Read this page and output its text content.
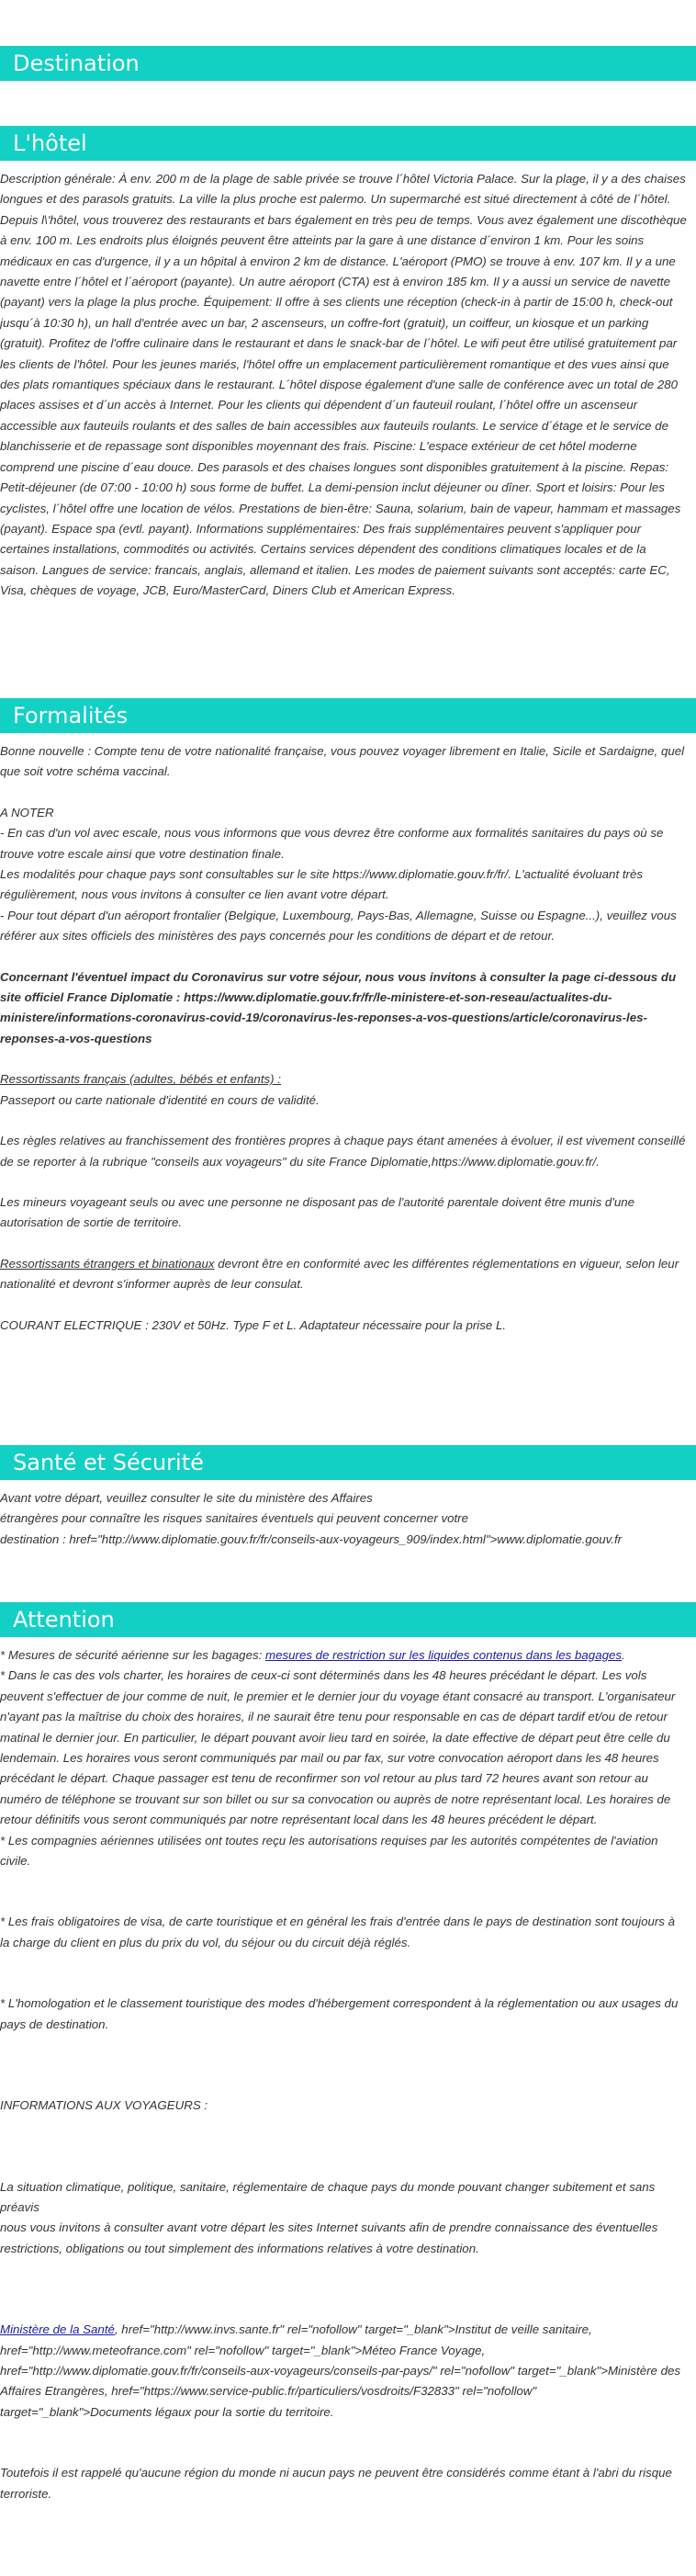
Destination
L'hôtel

Description générale: À env. 200 m de la plage de sable privée se trouve l´hôtel Victoria Palace. Sur la plage, il y a des chaises longues et des parasols gratuits. La ville la plus proche est palermo. Un supermarché est situé directement à côté de l´hôtel. Depuis l\'hôtel, vous trouverez des restaurants et bars également en très peu de temps. Vous avez également une discothèque à env. 100 m. Les endroits plus éloignés peuvent être atteints par la gare à une distance d´environ 1 km. Pour les soins médicaux en cas d'urgence, il y a un hôpital à environ 2 km de distance. L'aéroport (PMO) se trouve à env. 107 km. Il y a une navette entre l´hôtel et l´aéroport (payante). Un autre aéroport (CTA) est à environ 185 km. Il y a aussi un service de navette (payant) vers la plage la plus proche. Équipement: Il offre à ses clients une réception (check-in à partir de 15:00 h, check-out jusqu´à 10:30 h), un hall d'entrée avec un bar, 2 ascenseurs, un coffre-fort (gratuit), un coiffeur, un kiosque et un parking (gratuit). Profitez de l'offre culinaire dans le restaurant et dans le snack-bar de l´hôtel. Le wifi peut être utilisé gratuitement par les clients de l'hôtel. Pour les jeunes mariés, l'hôtel offre un emplacement particulièrement romantique et des vues ainsi que des plats romantiques spéciaux dans le restaurant. L´hôtel dispose également d'une salle de conférence avec un total de 280 places assises et d´un accès à Internet. Pour les clients qui dépendent d´un fauteuil roulant, l´hôtel offre un ascenseur accessible aux fauteuils roulants et des salles de bain accessibles aux fauteuils roulants. Le service d´étage et le service de blanchisserie et de repassage sont disponibles moyennant des frais. Piscine: L'espace extérieur de cet hôtel moderne comprend une piscine d´eau douce. Des parasols et des chaises longues sont disponibles gratuitement à la piscine. Repas: Petit-déjeuner (de 07:00 - 10:00 h) sous forme de buffet. La demi-pension inclut déjeuner ou dîner. Sport et loisirs: Pour les cyclistes, l´hôtel offre une location de vélos. Prestations de bien-être: Sauna, solarium, bain de vapeur, hammam et massages (payant). Espace spa (evtl. payant). Informations supplémentaires: Des frais supplémentaires peuvent s'appliquer pour certaines installations, commodités ou activités. Certains services dépendent des conditions climatiques locales et de la saison. Langues de service: francais, anglais, allemand et italien. Les modes de paiement suivants sont acceptés: carte EC, Visa, chèques de voyage, JCB, Euro/MasterCard, Diners Club et American Express.

Formalités

Bonne nouvelle : Compte tenu de votre nationalité française, vous pouvez voyager librement en Italie, Sicile et Sardaigne, quel que soit votre schéma vaccinal.

A NOTER

- En cas d'un vol avec escale, nous vous informons que vous devrez être conforme aux formalités sanitaires du pays où se trouve votre escale ainsi que votre destination finale.

Les modalités pour chaque pays sont consultables sur le site https://www.diplomatie.gouv.fr/fr/. L'actualité évoluant très régulièrement, nous vous invitons à consulter ce lien avant votre départ.

- Pour tout départ d'un aéroport frontalier (Belgique, Luxembourg, Pays-Bas, Allemagne, Suisse ou Espagne...), veuillez vous référer aux sites officiels des ministères des pays concernés pour les conditions de départ et de retour.

Concernant l'éventuel impact du Coronavirus sur votre séjour, nous vous invitons à consulter la page ci-dessous du site officiel France Diplomatie : https://www.diplomatie.gouv.fr/fr/le-ministere-et-son-reseau/actualites-du-ministere/informations-coronavirus-covid-19/coronavirus-les-reponses-a-vos-questions/article/coronavirus-les-reponses-a-vos-questions

Ressortissants français (adultes, bébés et enfants) :

Passeport ou carte nationale d'identité en cours de validité.

Les règles relatives au franchissement des frontières propres à chaque pays étant amenées à évoluer, il est vivement conseillé de se reporter à la rubrique "conseils aux voyageurs" du site France Diplomatie,https://www.diplomatie.gouv.fr/.

Les mineurs voyageant seuls ou avec une personne ne disposant pas de l'autorité parentale doivent être munis d'une autorisation de sortie de territoire.

Ressortissants étrangers et binationaux devront être en conformité avec les différentes réglementations en vigueur, selon leur nationalité et devront s'informer auprès de leur consulat.

COURANT ELECTRIQUE : 230V et 50Hz. Type F et L. Adaptateur nécessaire pour la prise L.

Santé et Sécurité

Avant votre départ, veuillez consulter le site du ministère des Affaires

étrangères pour connaître les risques sanitaires éventuels qui peuvent concerner votre

destination : href="http://www.diplomatie.gouv.fr/fr/conseils-aux-voyageurs_909/index.html">www.diplomatie.gouv.fr

Attention

* Mesures de sécurité aérienne sur les bagages: mesures de restriction sur les liquides contenus dans les bagages.

* Dans le cas des vols charter, les horaires de ceux-ci sont déterminés dans les 48 heures précédant le départ. Les vols peuvent s'effectuer de jour comme de nuit, le premier et le dernier jour du voyage étant consacré au transport. L'organisateur n'ayant pas la maîtrise du choix des horaires, il ne saurait être tenu pour responsable en cas de départ tardif et/ou de retour matinal le dernier jour. En particulier, le départ pouvant avoir lieu tard en soirée, la date effective de départ peut être celle du lendemain. Les horaires vous seront communiqués par mail ou par fax, sur votre convocation aéroport dans les 48 heures précédant le départ. Chaque passager est tenu de reconfirmer son vol retour au plus tard 72 heures avant son retour au numéro de téléphone se trouvant sur son billet ou sur sa convocation ou auprès de notre représentant local. Les horaires de retour définitifs vous seront communiqués par notre représentant local dans les 48 heures précédent le départ.

* Les compagnies aériennes utilisées ont toutes reçu les autorisations requises par les autorités compétentes de l'aviation civile.

* Les frais obligatoires de visa, de carte touristique et en général les frais d'entrée dans le pays de destination sont toujours à la charge du client en plus du prix du vol, du séjour ou du circuit déjà réglés.

* L'homologation et le classement touristique des modes d'hébergement correspondent à la réglementation ou aux usages du pays de destination.

INFORMATIONS AUX VOYAGEURS :

La situation climatique, politique, sanitaire, réglementaire de chaque pays du monde pouvant changer subitement et sans préavis

nous vous invitons à consulter avant votre départ les sites Internet suivants afin de prendre connaissance des éventuelles restrictions, obligations ou tout simplement des informations relatives à votre destination.

Ministère de la Santé, href="http://www.invs.sante.fr" rel="nofollow" target="_blank">Institut de veille sanitaire, href="http://www.meteofrance.com" rel="nofollow" target="_blank">Méteo France Voyage, href="http://www.diplomatie.gouv.fr/fr/conseils-aux-voyageurs/conseils-par-pays/" rel="nofollow" target="_blank">Ministère des Affaires Etrangères, href="https://www.service-public.fr/particuliers/vosdroits/F32833" rel="nofollow" target="_blank">Documents légaux pour la sortie du territoire.

Toutefois il est rappelé qu'aucune région du monde ni aucun pays ne peuvent être considérés comme étant à l'abri du risque terroriste.
